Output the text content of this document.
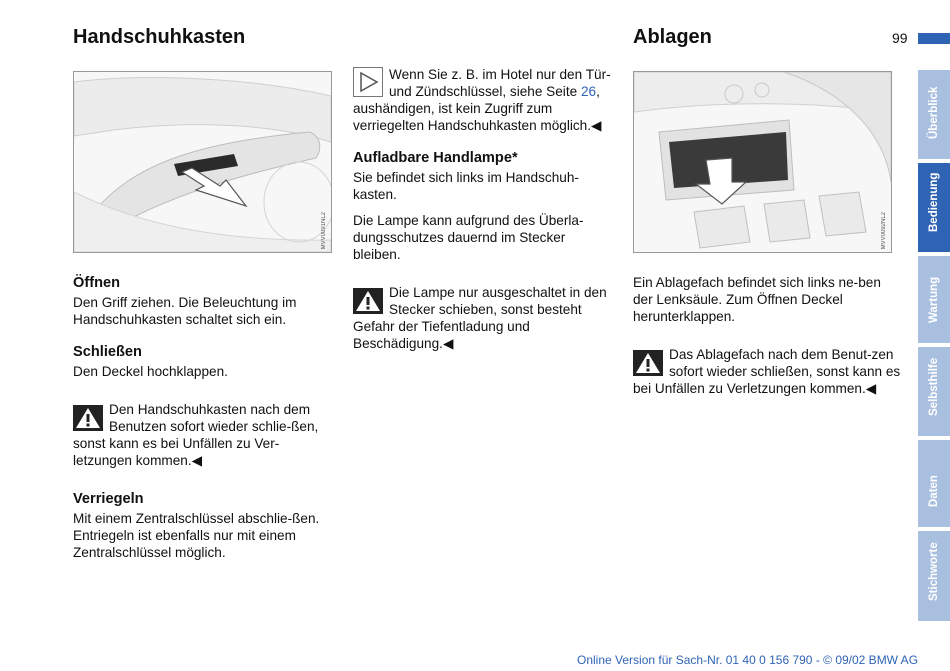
Handschuhkasten	Ablagen	99
MVV0091NL2
Öffnen

Den Griff ziehen. Die Beleuchtung im Handschuhkasten schaltet sich ein.

Schließen

Den Deckel hochklappen.

Den Handschuhkasten nach dem Benutzen sofort wieder schlie-ßen, sonst kann es bei Unfällen zu Ver-letzungen kommen.◀

Verriegeln

Mit einem Zentralschlüssel abschlie-ßen. Entriegeln ist ebenfalls nur mit einem Zentralschlüssel möglich.

Wenn Sie z. B. im Hotel nur den Tür- und Zündschlüssel, siehe Seite 26, aushändigen, ist kein Zugriff zum verriegelten Handschuhkasten möglich.◀

Aufladbare Handlampe*

Sie befindet sich links im Handschuh-kasten.

Die Lampe kann aufgrund des Überla-dungsschutzes dauernd im Stecker bleiben.

Die Lampe nur ausgeschaltet in den Stecker schieben, sonst besteht Gefahr der Tiefentladung und Beschädigung.◀

MVV0092NL2

Ein Ablagefach befindet sich links ne-ben der Lenksäule. Zum Öffnen Deckel herunterklappen.

Das Ablagefach nach dem Benut-zen sofort wieder schließen, sonst kann es bei Unfällen zu Verletzungen kommen.◀

Überblick
Bedienung
Wartung
Selbsthilfe
Daten
Stichworte
Online Version für Sach-Nr. 01 40 0 156 790 - © 09/02 BMW AG
